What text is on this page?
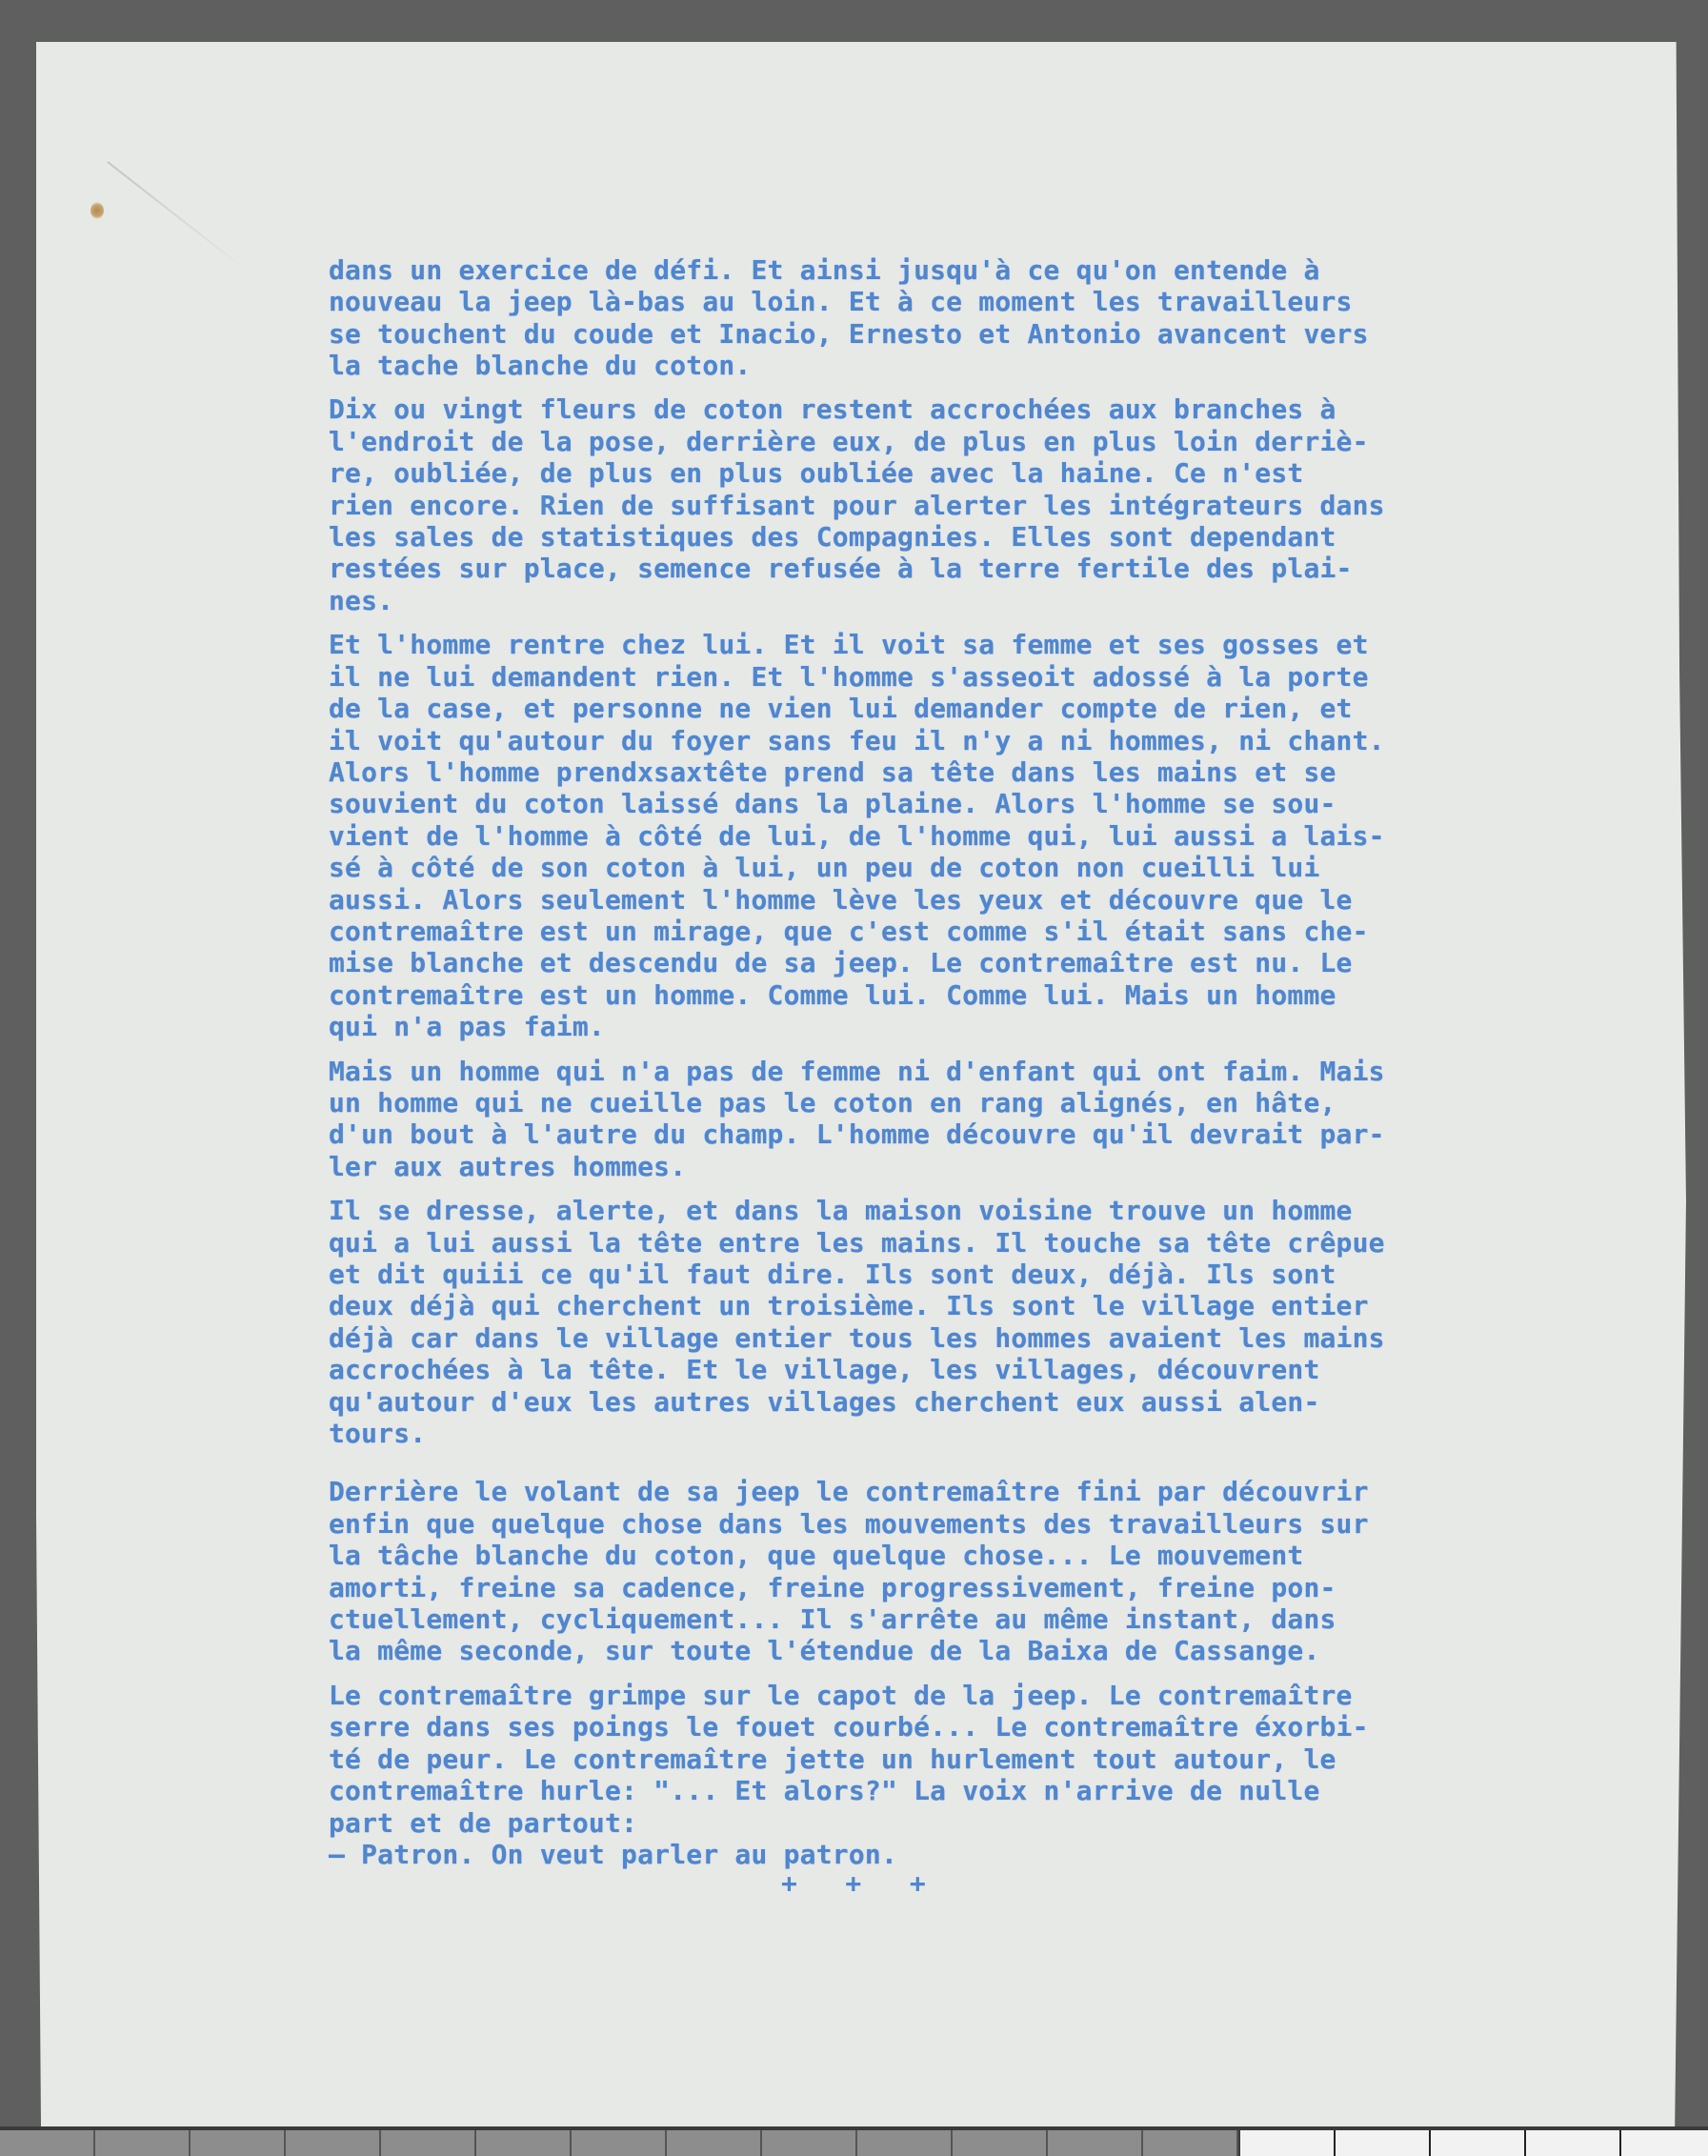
dans un exercice de défi. Et ainsi jusqu'à ce qu'on entende à
nouveau la jeep là-bas au loin. Et à ce moment les travailleurs
se touchent du coude et Inacio, Ernesto et Antonio avancent vers
la tache blanche du coton.
Dix ou vingt fleurs de coton restent accrochées aux branches à
l'endroit de la pose, derrière eux, de plus en plus loin derriè-
re, oubliée, de plus en plus oubliée avec la haine. Ce n'est
rien encore. Rien de suffisant pour alerter les intégrateurs dans
les sales de statistiques des Compagnies. Elles sont dependant
restées sur place, semence refusée à la terre fertile des plai-
nes.
Et l'homme rentre chez lui. Et il voit sa femme et ses gosses et
il ne lui demandent rien. Et l'homme s'asseoit adossé à la porte
de la case, et personne ne vien lui demander compte de rien, et
il voit qu'autour du foyer sans feu il n'y a ni hommes, ni chant.
Alors l'homme prendxsaxtête prend sa tête dans les mains et se
souvient du coton laissé dans la plaine. Alors l'homme se sou-
vient de l'homme à côté de lui, de l'homme qui, lui aussi a lais-
sé à côté de son coton à lui, un peu de coton non cueilli lui
aussi. Alors seulement l'homme lève les yeux et découvre que le
contremaître est un mirage, que c'est comme s'il était sans che-
mise blanche et descendu de sa jeep. Le contremaître est nu. Le
contremaître est un homme. Comme lui. Comme lui. Mais un homme
qui n'a pas faim.
Mais un homme qui n'a pas de femme ni d'enfant qui ont faim. Mais
un homme qui ne cueille pas le coton en rang alignés, en hâte,
d'un bout à l'autre du champ. L'homme découvre qu'il devrait par-
ler aux autres hommes.
Il se dresse, alerte, et dans la maison voisine trouve un homme
qui a lui aussi la tête entre les mains. Il touche sa tête crêpue
et dit quiii ce qu'il faut dire. Ils sont deux, déjà. Ils sont
deux déjà qui cherchent un troisième. Ils sont le village entier
déjà car dans le village entier tous les hommes avaient les mains
accrochées à la tête. Et le village, les villages, découvrent
qu'autour d'eux les autres villages cherchent eux aussi alen-
tours.
Derrière le volant de sa jeep le contremaître fini par découvrir
enfin que quelque chose dans les mouvements des travailleurs sur
la tâche blanche du coton, que quelque chose... Le mouvement
amorti, freine sa cadence, freine progressivement, freine pon-
ctuellement, cycliquement... Il s'arrête au même instant, dans
la même seconde, sur toute l'étendue de la Baixa de Cassange.
Le contremaître grimpe sur le capot de la jeep. Le contremaître
serre dans ses poings le fouet courbé... Le contremaître éxorbi-
té de peur. Le contremaître jette un hurlement tout autour, le
contremaître hurle: "... Et alors?" La voix n'arrive de nulle
part et de partout:
— Patron. On veut parler au patron.
+   +   +
